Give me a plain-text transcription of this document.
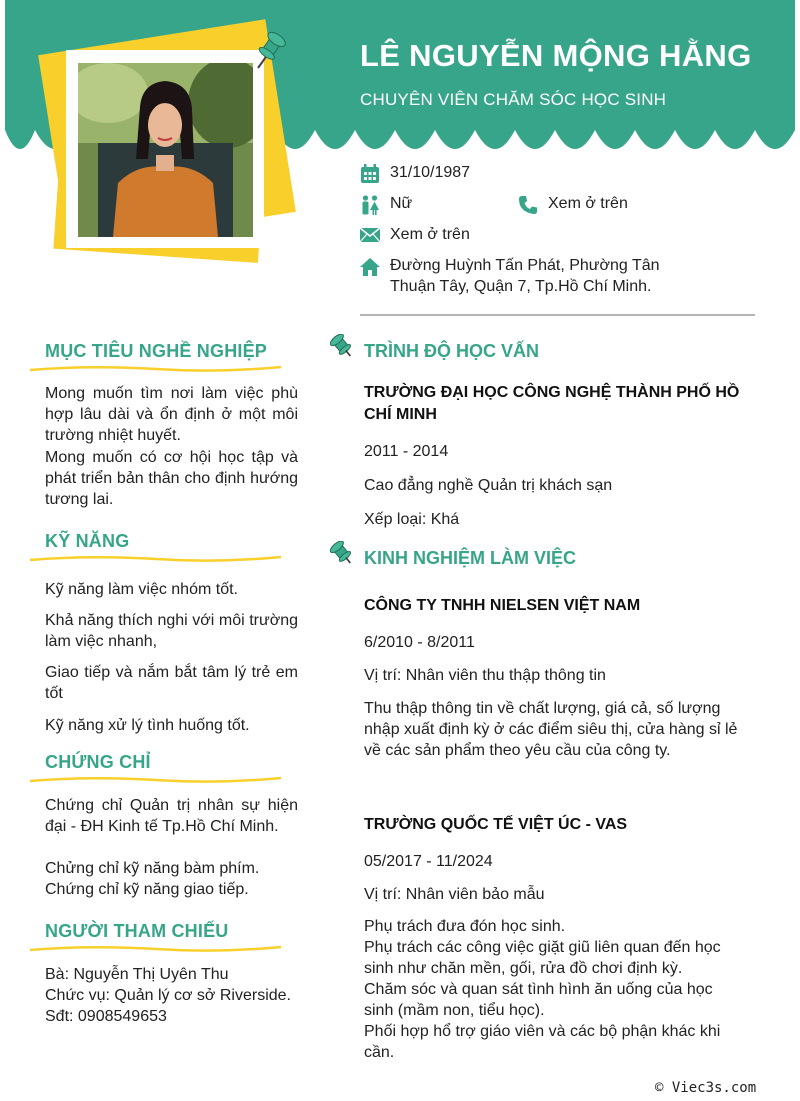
LÊ NGUYỄN MỘNG HẰNG
CHUYÊN VIÊN CHĂM SÓC HỌC SINH
31/10/1987
Nữ	Xem ở trên
Xem ở trên
Đường Huỳnh Tấn Phát, Phường Tân
Thuận Tây, Quận 7, Tp.Hồ Chí Minh.
MỤC TIÊU NGHỀ NGHIỆP
Mong muốn tìm nơi làm việc phù hợp lâu dài và ổn định ở một môi trường nhiệt huyết.
Mong muốn có cơ hội học tập và phát triển bản thân cho định hướng tương lai.
KỸ NĂNG
Kỹ năng làm việc nhóm tốt.
Khả năng thích nghi với môi trường làm việc nhanh,
Giao tiếp và nắm bắt tâm lý trẻ em tốt
Kỹ năng xử lý tình huống tốt.
CHỨNG CHỈ
Chứng chỉ Quản trị nhân sự hiện đại - ĐH Kinh tế Tp.Hồ Chí Minh.
Chửng chỉ kỹ năng bàm phím.
Chứng chỉ kỹ năng giao tiếp.
NGƯỜI THAM CHIẾU
Bà: Nguyễn Thị Uyên Thu
Chức vụ: Quản lý cơ sở Riverside.
Sđt: 0908549653
TRÌNH ĐỘ HỌC VẤN
TRƯỜNG ĐẠI HỌC CÔNG NGHỆ THÀNH PHỐ HỒ CHÍ MINH
2011 - 2014
Cao đẳng nghề Quản trị khách sạn
Xếp loại: Khá
KINH NGHIỆM LÀM VIỆC
CÔNG TY TNHH NIELSEN VIỆT NAM
6/2010 - 8/2011
Vị trí: Nhân viên thu thập thông tin
Thu thập thông tin về chất lượng, giá cả, số lượng nhập xuất định kỳ ở các điểm siêu thị, cửa hàng sỉ lẻ về các sản phẩm theo yêu cầu của công ty.
TRƯỜNG QUỐC TẾ VIỆT ÚC - VAS
05/2017 - 11/2024
Vị trí: Nhân viên bảo mẫu
Phụ trách đưa đón học sinh.
Phụ trách các công việc giặt giũ liên quan đến học sinh như chăn mền, gối, rửa đồ chơi định kỳ.
Chăm sóc và quan sát tình hình ăn uống của học sinh (mầm non, tiểu học).
Phối hợp hổ trợ giáo viên và các bộ phận khác khi cần.
© Viec3s.com
